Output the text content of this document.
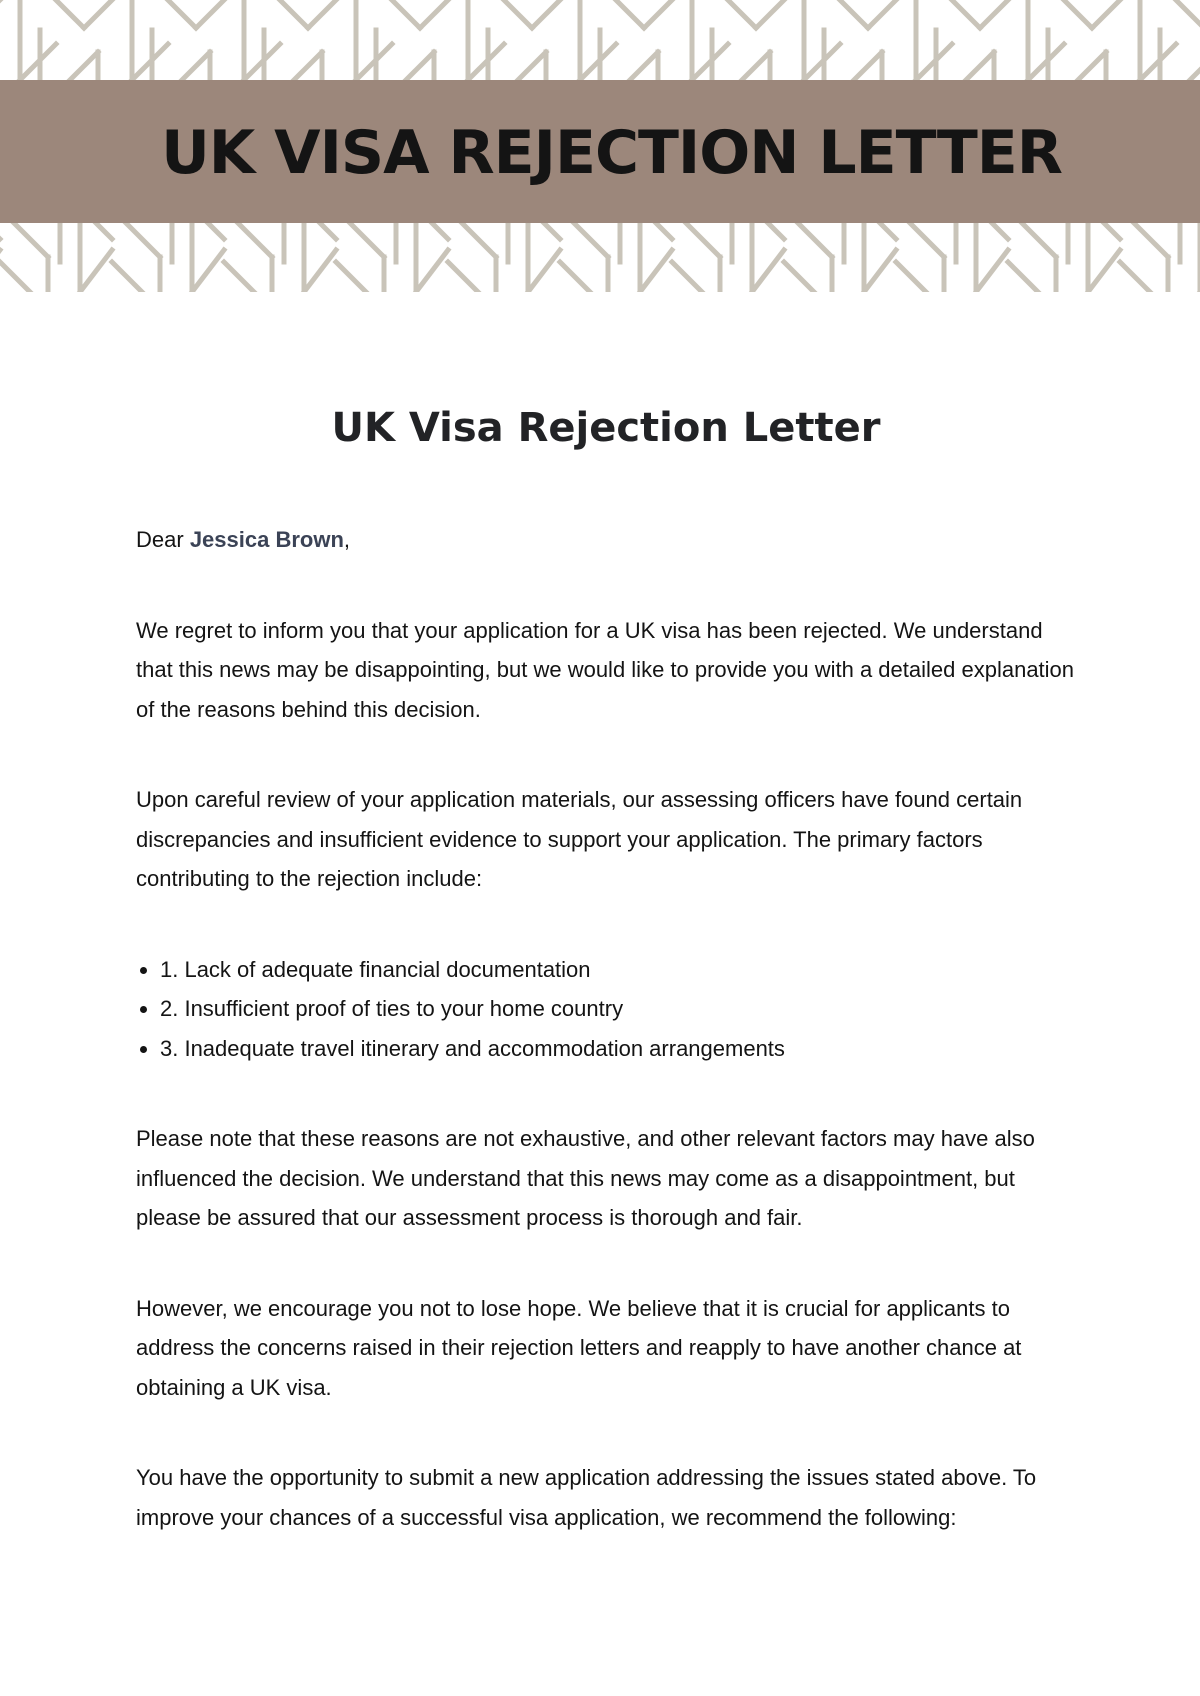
UK VISA REJECTION LETTER
UK Visa Rejection Letter

Dear Jessica Brown,

We regret to inform you that your application for a UK visa has been rejected. We understand that this news may be disappointing, but we would like to provide you with a detailed explanation of the reasons behind this decision.

Upon careful review of your application materials, our assessing officers have found certain discrepancies and insufficient evidence to support your application. The primary factors contributing to the rejection include:

• 1. Lack of adequate financial documentation
• 2. Insufficient proof of ties to your home country
• 3. Inadequate travel itinerary and accommodation arrangements

Please note that these reasons are not exhaustive, and other relevant factors may have also influenced the decision. We understand that this news may come as a disappointment, but please be assured that our assessment process is thorough and fair.

However, we encourage you not to lose hope. We believe that it is crucial for applicants to address the concerns raised in their rejection letters and reapply to have another chance at obtaining a UK visa.

You have the opportunity to submit a new application addressing the issues stated above. To improve your chances of a successful visa application, we recommend the following:
